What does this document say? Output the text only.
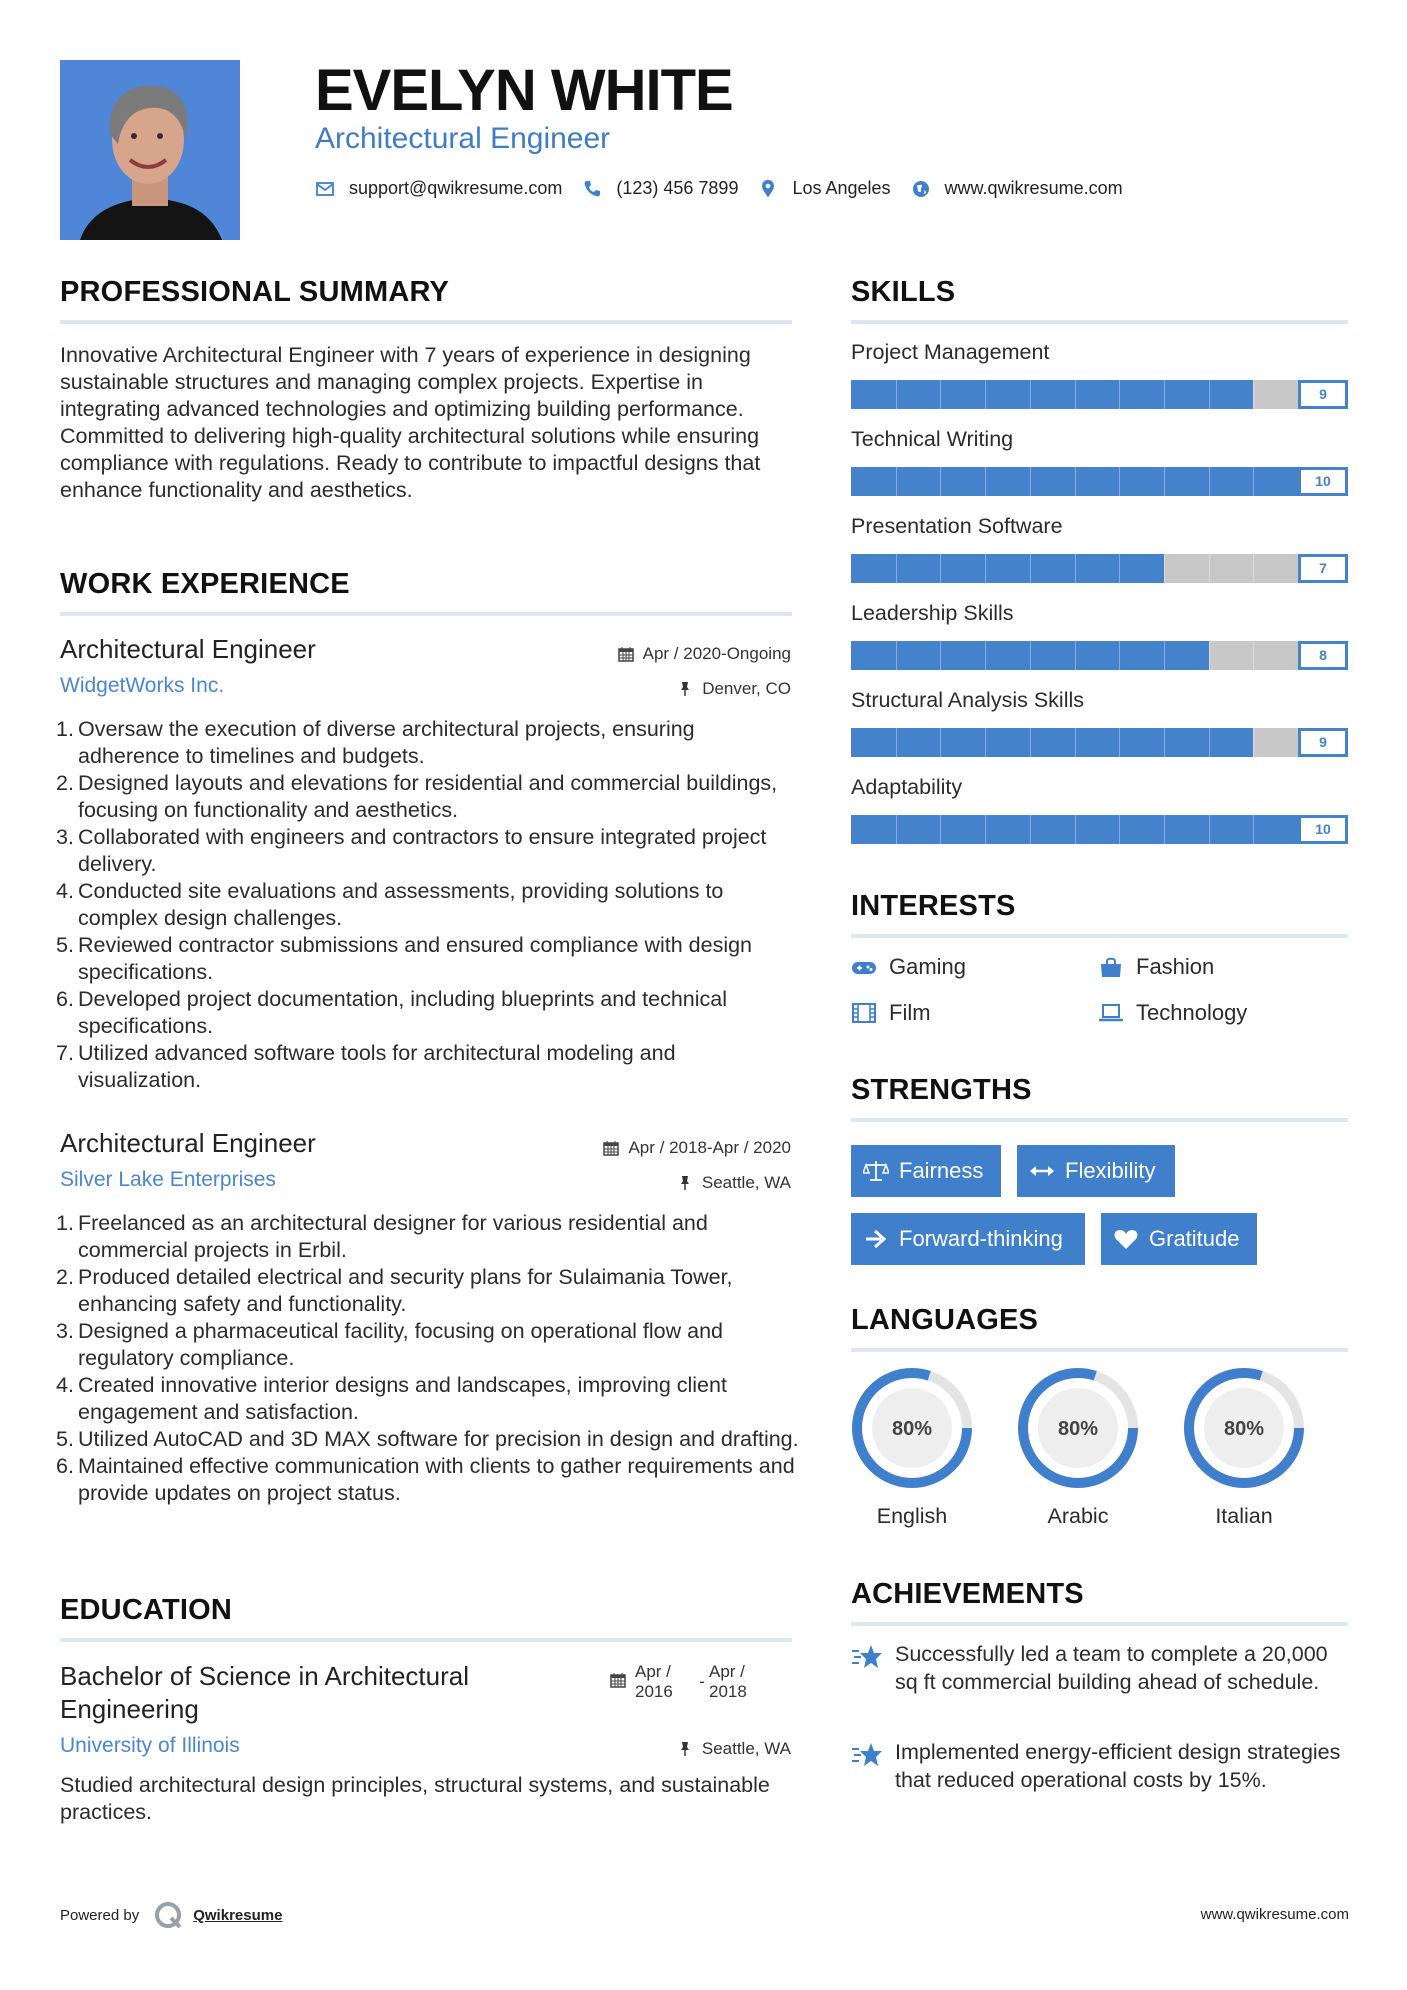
EVELYN WHITE
Architectural Engineer
support@qwikresume.com	(123) 456 7899	Los Angeles	www.qwikresume.com
PROFESSIONAL SUMMARY
Innovative Architectural Engineer with 7 years of experience in designing sustainable structures and managing complex projects. Expertise in integrating advanced technologies and optimizing building performance. Committed to delivering high-quality architectural solutions while ensuring compliance with regulations. Ready to contribute to impactful designs that enhance functionality and aesthetics.
WORK EXPERIENCE
Architectural Engineer	Apr / 2020-Ongoing
WidgetWorks Inc.	Denver, CO
1. Oversaw the execution of diverse architectural projects, ensuring adherence to timelines and budgets.
2. Designed layouts and elevations for residential and commercial buildings, focusing on functionality and aesthetics.
3. Collaborated with engineers and contractors to ensure integrated project delivery.
4. Conducted site evaluations and assessments, providing solutions to complex design challenges.
5. Reviewed contractor submissions and ensured compliance with design specifications.
6. Developed project documentation, including blueprints and technical specifications.
7. Utilized advanced software tools for architectural modeling and visualization.
Architectural Engineer	Apr / 2018-Apr / 2020
Silver Lake Enterprises	Seattle, WA
1. Freelanced as an architectural designer for various residential and commercial projects in Erbil.
2. Produced detailed electrical and security plans for Sulaimania Tower, enhancing safety and functionality.
3. Designed a pharmaceutical facility, focusing on operational flow and regulatory compliance.
4. Created innovative interior designs and landscapes, improving client engagement and satisfaction.
5. Utilized AutoCAD and 3D MAX software for precision in design and drafting.
6. Maintained effective communication with clients to gather requirements and provide updates on project status.
EDUCATION
Bachelor of Science in Architectural Engineering
Apr / 2016
-
Apr / 2018
University of Illinois	Seattle, WA
Studied architectural design principles, structural systems, and sustainable practices.
SKILLS
Project Management
9
Technical Writing
10
Presentation Software
7
Leadership Skills
8
Structural Analysis Skills
9
Adaptability
10
INTERESTS
Gaming	Fashion
Film	Technology
STRENGTHS
Fairness	Flexibility
Forward-thinking	Gratitude
LANGUAGES
80%
English
80%
Arabic
80%
Italian
ACHIEVEMENTS
Successfully led a team to complete a 20,000 sq ft commercial building ahead of schedule.
Implemented energy-efficient design strategies that reduced operational costs by 15%.
Powered by	Qwikresume	www.qwikresume.com
